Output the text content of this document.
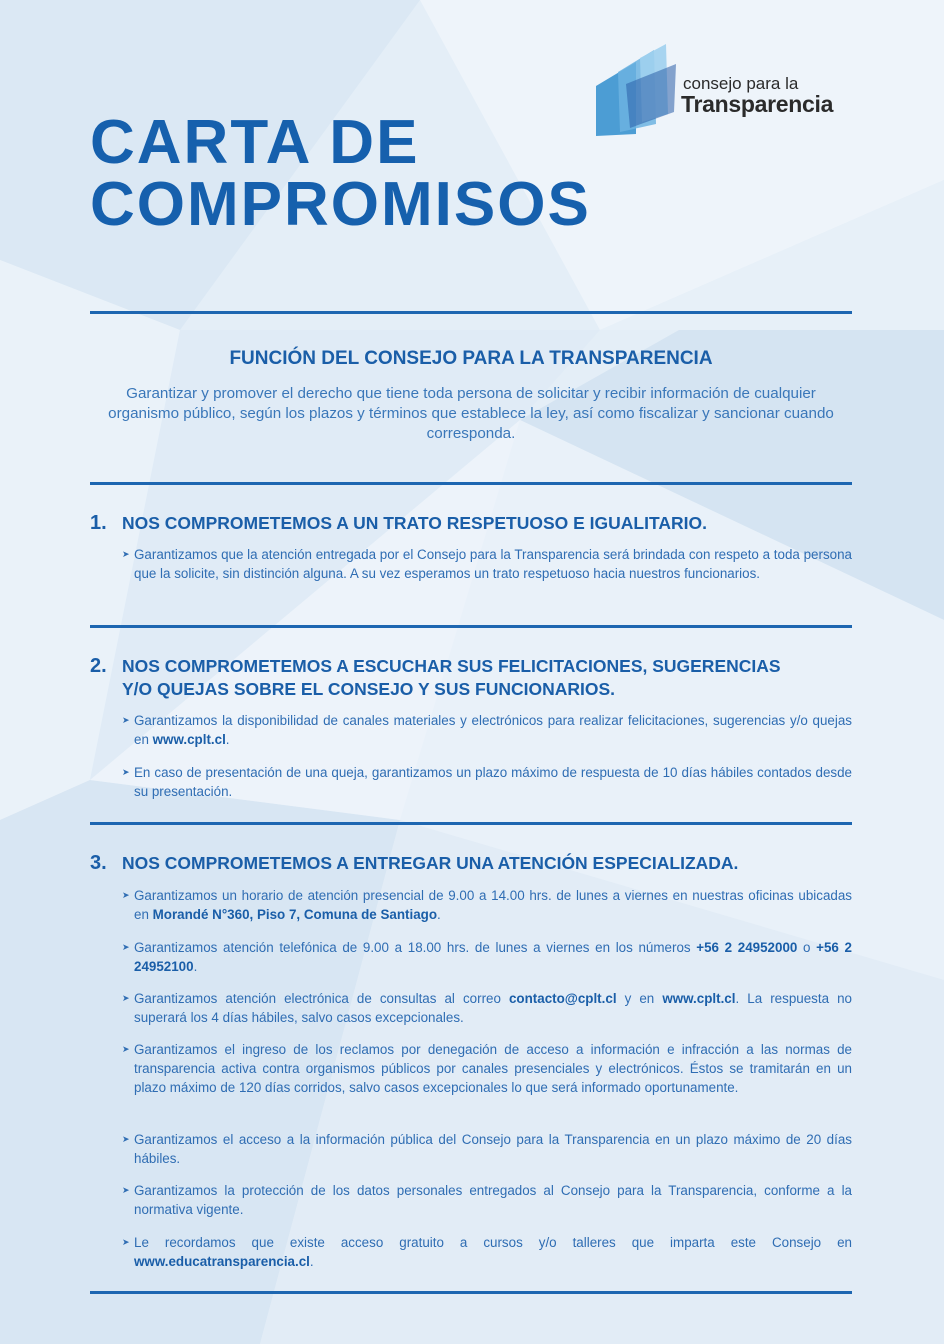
consejo para la
Transparencia
CARTA DE
COMPROMISOS
FUNCIÓN DEL CONSEJO PARA LA TRANSPARENCIA

Garantizar y promover el derecho que tiene toda persona de solicitar y recibir información de cualquier organismo público, según los plazos y términos que establece la ley, así como fiscalizar y sancionar cuando corresponda.

1. NOS COMPROMETEMOS A UN TRATO RESPETUOSO E IGUALITARIO.
➤ Garantizamos que la atención entregada por el Consejo para la Transparencia será brindada con respeto a toda persona que la solicite, sin distinción alguna. A su vez esperamos un trato respetuoso hacia nuestros funcionarios.
2. NOS COMPROMETEMOS A ESCUCHAR SUS FELICITACIONES, SUGERENCIAS
Y/O QUEJAS SOBRE EL CONSEJO Y SUS FUNCIONARIOS.
➤ Garantizamos la disponibilidad de canales materiales y electrónicos para realizar felicitaciones, sugerencias y/o quejas en www.cplt.cl.
➤ En caso de presentación de una queja, garantizamos un plazo máximo de respuesta de 10 días hábiles contados desde su presentación.
3. NOS COMPROMETEMOS A ENTREGAR UNA ATENCIÓN ESPECIALIZADA.
➤ Garantizamos un horario de atención presencial de 9.00 a 14.00 hrs. de lunes a viernes en nuestras oficinas ubicadas en Morandé N°360, Piso 7, Comuna de Santiago.
➤ Garantizamos atención telefónica de 9.00 a 18.00 hrs. de lunes a viernes en los números +56 2 24952000 o +56 2 24952100.
➤ Garantizamos atención electrónica de consultas al correo contacto@cplt.cl y en www.cplt.cl. La respuesta no superará los 4 días hábiles, salvo casos excepcionales.
➤ Garantizamos el ingreso de los reclamos por denegación de acceso a información e infracción a las normas de transparencia activa contra organismos públicos por canales presenciales y electrónicos. Éstos se tramitarán en un plazo máximo de 120 días corridos, salvo casos excepcionales lo que será informado oportunamente.
➤ Garantizamos el acceso a la información pública del Consejo para la Transparencia en un plazo máximo de 20 días hábiles.
➤ Garantizamos la protección de los datos personales entregados al Consejo para la Transparencia, conforme a la normativa vigente.
➤ Le recordamos que existe acceso gratuito a cursos y/o talleres que imparta este Consejo en www.educatransparencia.cl.
